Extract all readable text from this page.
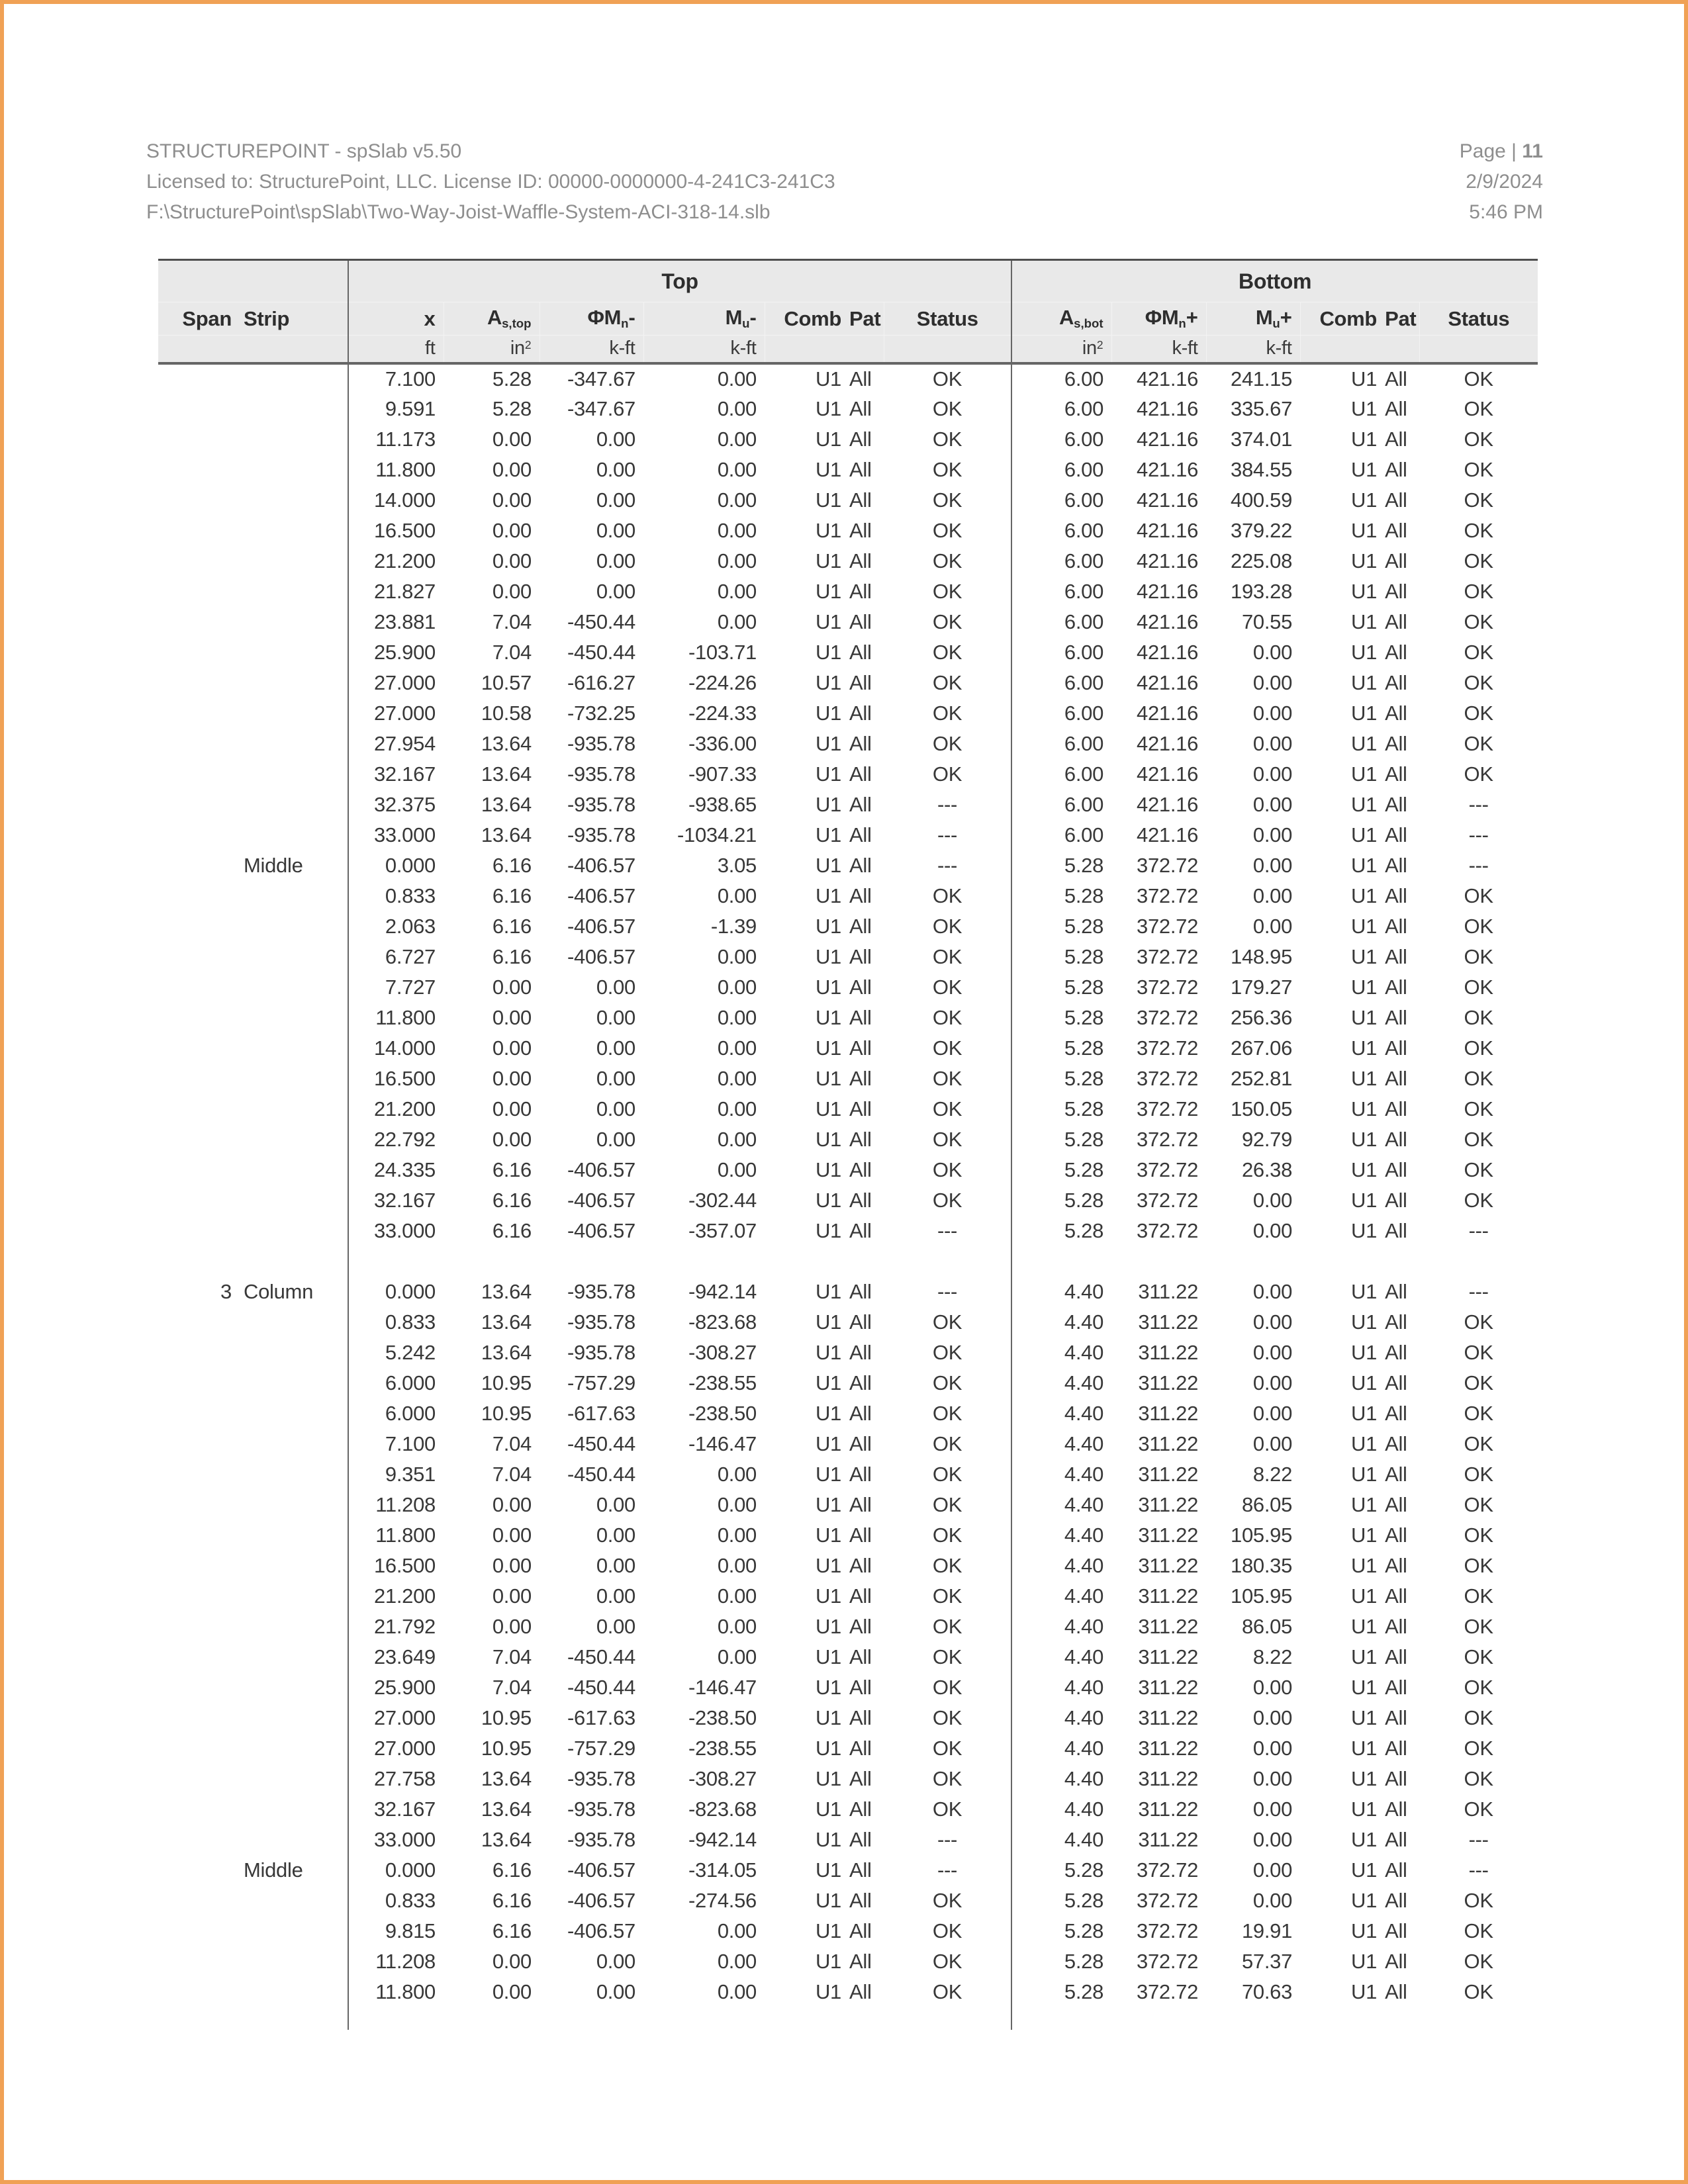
STRUCTUREPOINT - spSlab v5.50
Licensed to: StructurePoint, LLC. License ID: 00000-0000000-4-241C3-241C3
F:\StructurePoint\spSlab\Two-Way-Joist-Waffle-System-ACI-318-14.slb
Page | 11
2/9/2024
5:46 PM
		Top							Bottom					
Span	Strip	x	$A_{s,top}$	$\Phi M_n-$	$M_u-$	Comb	Pat	Status	$A_{s,bot}$	$\Phi M_n+$	$M_u+$	Comb	Pat	Status
		ft	$in^2$	k-ft	k-ft				$in^2$	k-ft	k-ft			
		7.100	5.28	-347.67	0.00	U1	All	OK	6.00	421.16	241.15	U1	All	OK
		9.591	5.28	-347.67	0.00	U1	All	OK	6.00	421.16	335.67	U1	All	OK
		11.173	0.00	0.00	0.00	U1	All	OK	6.00	421.16	374.01	U1	All	OK
		11.800	0.00	0.00	0.00	U1	All	OK	6.00	421.16	384.55	U1	All	OK
		14.000	0.00	0.00	0.00	U1	All	OK	6.00	421.16	400.59	U1	All	OK
		16.500	0.00	0.00	0.00	U1	All	OK	6.00	421.16	379.22	U1	All	OK
		21.200	0.00	0.00	0.00	U1	All	OK	6.00	421.16	225.08	U1	All	OK
		21.827	0.00	0.00	0.00	U1	All	OK	6.00	421.16	193.28	U1	All	OK
		23.881	7.04	-450.44	0.00	U1	All	OK	6.00	421.16	70.55	U1	All	OK
		25.900	7.04	-450.44	-103.71	U1	All	OK	6.00	421.16	0.00	U1	All	OK
		27.000	10.57	-616.27	-224.26	U1	All	OK	6.00	421.16	0.00	U1	All	OK
		27.000	10.58	-732.25	-224.33	U1	All	OK	6.00	421.16	0.00	U1	All	OK
		27.954	13.64	-935.78	-336.00	U1	All	OK	6.00	421.16	0.00	U1	All	OK
		32.167	13.64	-935.78	-907.33	U1	All	OK	6.00	421.16	0.00	U1	All	OK
		32.375	13.64	-935.78	-938.65	U1	All	---	6.00	421.16	0.00	U1	All	---
		33.000	13.64	-935.78	-1034.21	U1	All	---	6.00	421.16	0.00	U1	All	---
	Middle	0.000	6.16	-406.57	3.05	U1	All	---	5.28	372.72	0.00	U1	All	---
		0.833	6.16	-406.57	0.00	U1	All	OK	5.28	372.72	0.00	U1	All	OK
		2.063	6.16	-406.57	-1.39	U1	All	OK	5.28	372.72	0.00	U1	All	OK
		6.727	6.16	-406.57	0.00	U1	All	OK	5.28	372.72	148.95	U1	All	OK
		7.727	0.00	0.00	0.00	U1	All	OK	5.28	372.72	179.27	U1	All	OK
		11.800	0.00	0.00	0.00	U1	All	OK	5.28	372.72	256.36	U1	All	OK
		14.000	0.00	0.00	0.00	U1	All	OK	5.28	372.72	267.06	U1	All	OK
		16.500	0.00	0.00	0.00	U1	All	OK	5.28	372.72	252.81	U1	All	OK
		21.200	0.00	0.00	0.00	U1	All	OK	5.28	372.72	150.05	U1	All	OK
		22.792	0.00	0.00	0.00	U1	All	OK	5.28	372.72	92.79	U1	All	OK
		24.335	6.16	-406.57	0.00	U1	All	OK	5.28	372.72	26.38	U1	All	OK
		32.167	6.16	-406.57	-302.44	U1	All	OK	5.28	372.72	0.00	U1	All	OK
		33.000	6.16	-406.57	-357.07	U1	All	---	5.28	372.72	0.00	U1	All	---

3	Column	0.000	13.64	-935.78	-942.14	U1	All	---	4.40	311.22	0.00	U1	All	---
		0.833	13.64	-935.78	-823.68	U1	All	OK	4.40	311.22	0.00	U1	All	OK
		5.242	13.64	-935.78	-308.27	U1	All	OK	4.40	311.22	0.00	U1	All	OK
		6.000	10.95	-757.29	-238.55	U1	All	OK	4.40	311.22	0.00	U1	All	OK
		6.000	10.95	-617.63	-238.50	U1	All	OK	4.40	311.22	0.00	U1	All	OK
		7.100	7.04	-450.44	-146.47	U1	All	OK	4.40	311.22	0.00	U1	All	OK
		9.351	7.04	-450.44	0.00	U1	All	OK	4.40	311.22	8.22	U1	All	OK
		11.208	0.00	0.00	0.00	U1	All	OK	4.40	311.22	86.05	U1	All	OK
		11.800	0.00	0.00	0.00	U1	All	OK	4.40	311.22	105.95	U1	All	OK
		16.500	0.00	0.00	0.00	U1	All	OK	4.40	311.22	180.35	U1	All	OK
		21.200	0.00	0.00	0.00	U1	All	OK	4.40	311.22	105.95	U1	All	OK
		21.792	0.00	0.00	0.00	U1	All	OK	4.40	311.22	86.05	U1	All	OK
		23.649	7.04	-450.44	0.00	U1	All	OK	4.40	311.22	8.22	U1	All	OK
		25.900	7.04	-450.44	-146.47	U1	All	OK	4.40	311.22	0.00	U1	All	OK
		27.000	10.95	-617.63	-238.50	U1	All	OK	4.40	311.22	0.00	U1	All	OK
		27.000	10.95	-757.29	-238.55	U1	All	OK	4.40	311.22	0.00	U1	All	OK
		27.758	13.64	-935.78	-308.27	U1	All	OK	4.40	311.22	0.00	U1	All	OK
		32.167	13.64	-935.78	-823.68	U1	All	OK	4.40	311.22	0.00	U1	All	OK
		33.000	13.64	-935.78	-942.14	U1	All	---	4.40	311.22	0.00	U1	All	---
	Middle	0.000	6.16	-406.57	-314.05	U1	All	---	5.28	372.72	0.00	U1	All	---
		0.833	6.16	-406.57	-274.56	U1	All	OK	5.28	372.72	0.00	U1	All	OK
		9.815	6.16	-406.57	0.00	U1	All	OK	5.28	372.72	19.91	U1	All	OK
		11.208	0.00	0.00	0.00	U1	All	OK	5.28	372.72	57.37	U1	All	OK
		11.800	0.00	0.00	0.00	U1	All	OK	5.28	372.72	70.63	U1	All	OK
